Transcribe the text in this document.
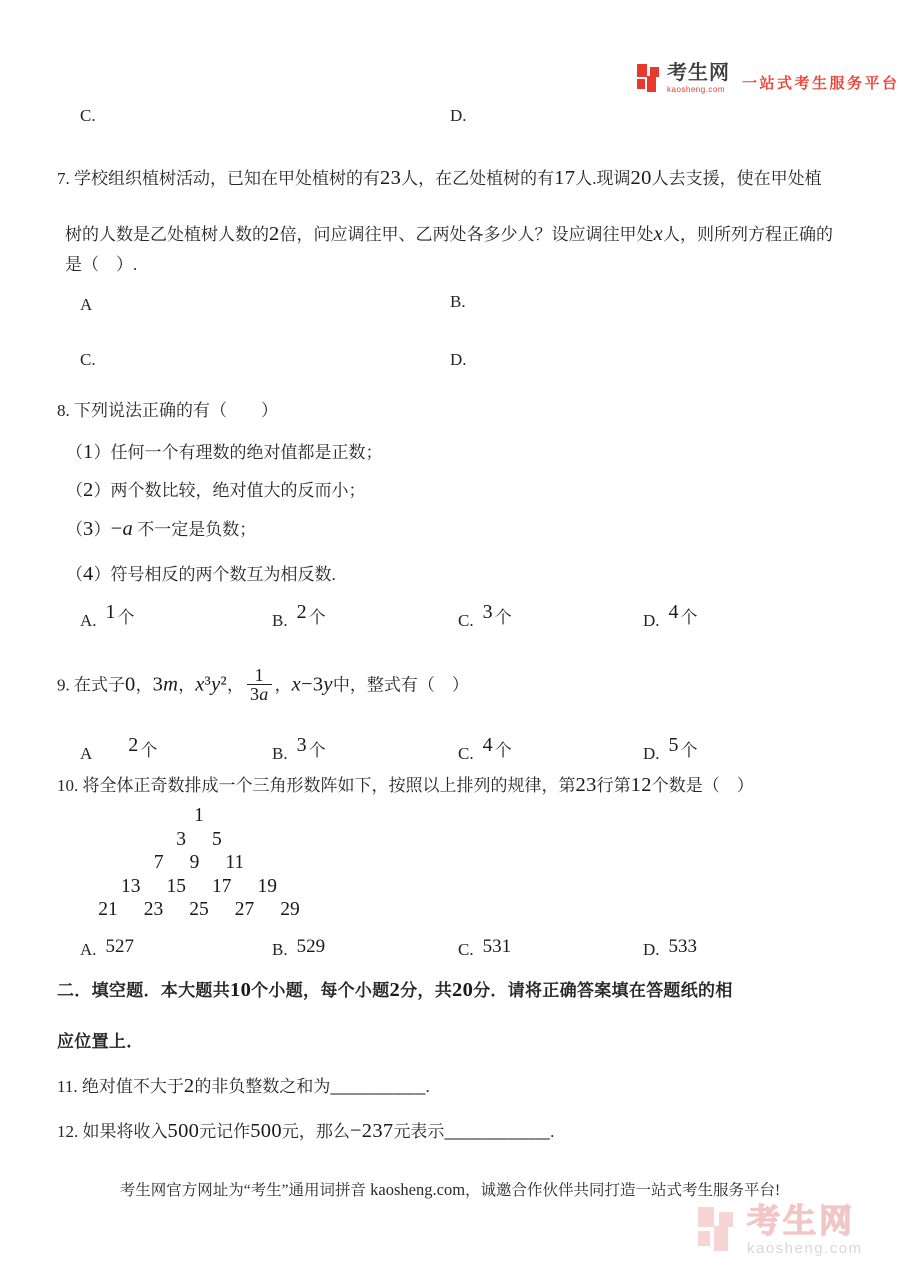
考生网
kaosheng.com	一站式考生服务平台
C.	D.
7. 学校组织植树活动，已知在甲处植树的有23人，在乙处植树的有17人.现调20人去支援，使在甲处植
树的人数是乙处植树人数的2倍，问应调往甲、乙两处各多少人？设应调往甲处x人，则所列方程正确的
是（　）.
A	B.
C.	D.
8. 下列说法正确的有（　　）
（1）任何一个有理数的绝对值都是正数；
（2）两个数比较，绝对值大的反而小；
（3）−a 不一定是负数；
（4）符号相反的两个数互为相反数.
A. 1 个	B. 2 个	C. 3 个	D. 4 个
9. 在式子0，3m，x³y²， $\frac{1}{3a}$ ，x−3y中，整式有（　）
A 2 个	B. 3 个	C. 4 个	D. 5 个
10. 将全体正奇数排成一个三角形数阵如下，按照以上排列的规律，第23行第12个数是（　）
1
3 5
7 9 11
13 15 17 19
21 23 25 27 29
A. 527	B. 529	C. 531	D. 533
二．填空题．本大题共10个小题，每个小题2分，共20分．请将正确答案填在答题纸的相
应位置上．
11. 绝对值不大于2的非负整数之和为_________.
12. 如果将收入500元记作500元，那么−237元表示__________.
考生网官方网址为“考生”通用词拼音 kaosheng.com，诚邀合作伙伴共同打造一站式考生服务平台!
考生网
kaosheng.com
